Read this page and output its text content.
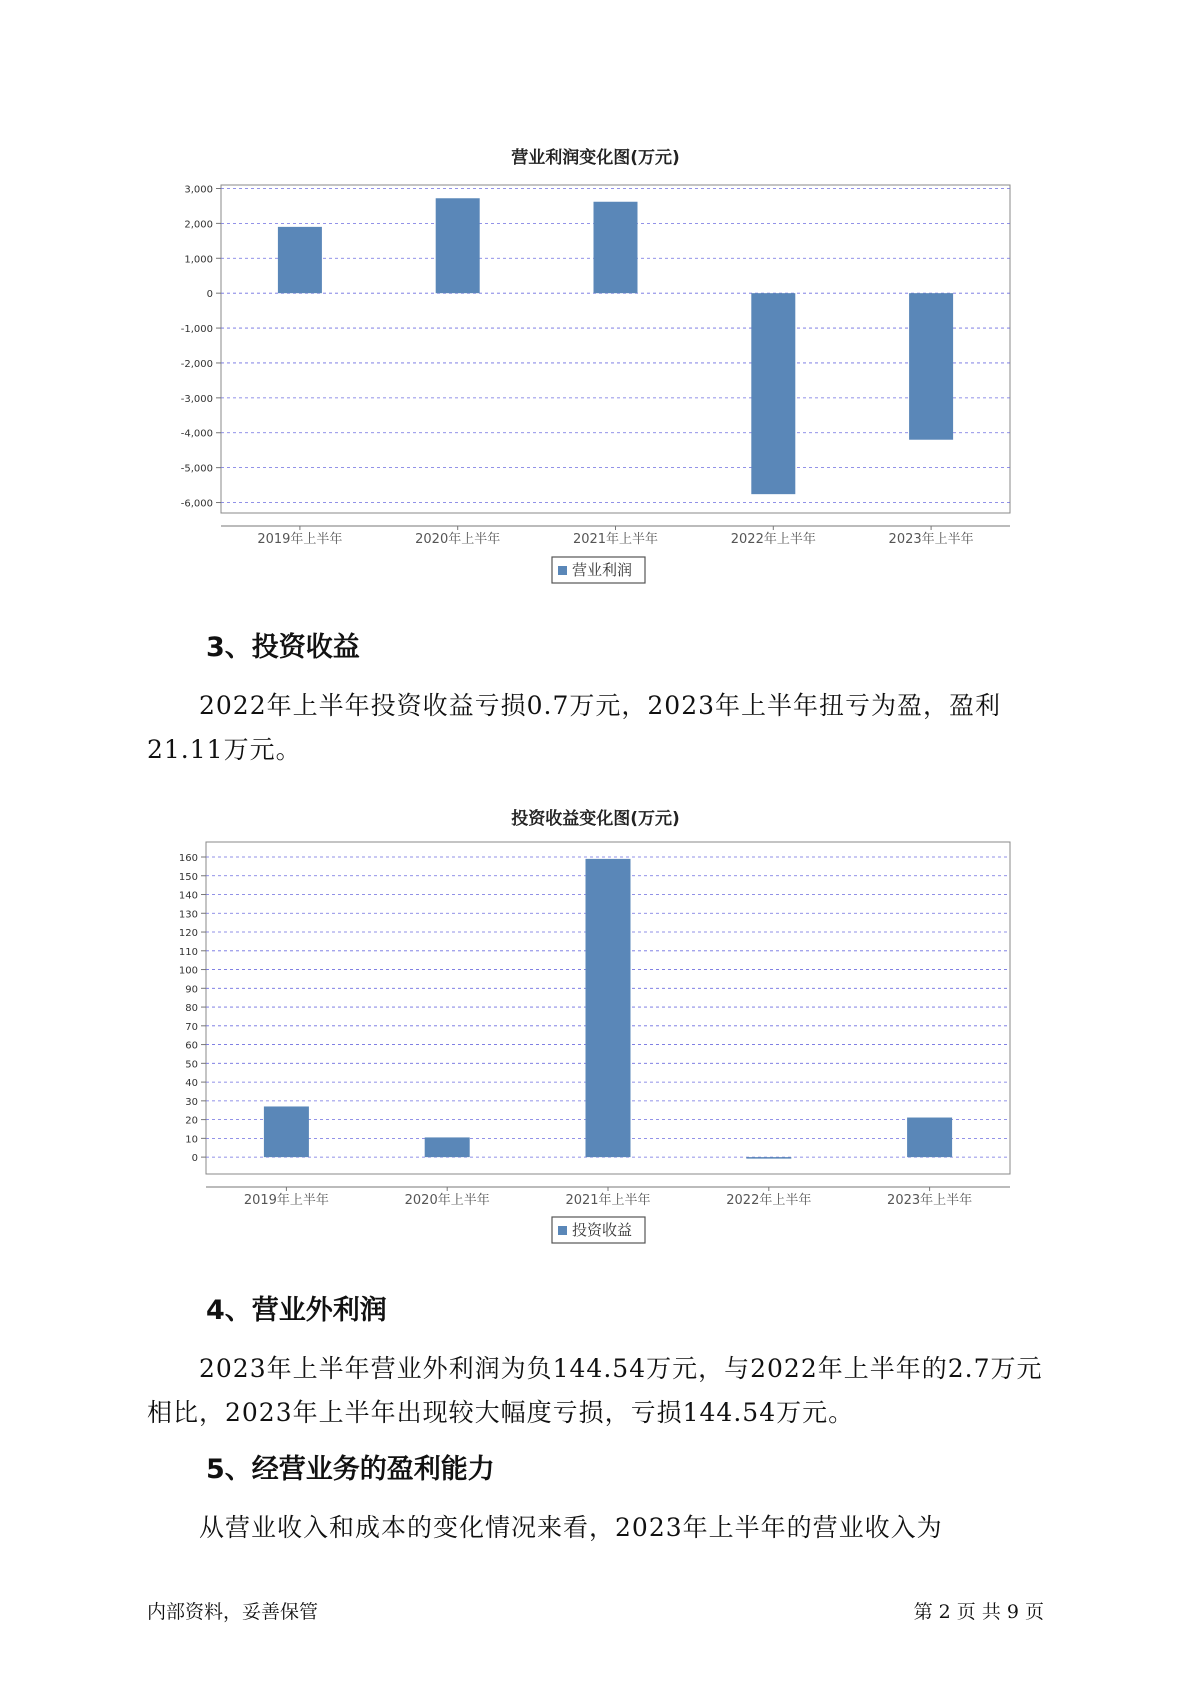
营业利润变化图(万元)
3,000
2,000
1,000
0
-1,000
-2,000
-3,000
-4,000
-5,000
-6,000
2019年上半年	2020年上半年	2021年上半年	2022年上半年	2023年上半年
营业利润
3、投资收益

2022年上半年投资收益亏损0.7万元，2023年上半年扭亏为盈，盈利21.11万元。

投资收益变化图(万元)
160
150
140
130
120
110
100
90
80
70
60
50
40
30
20
10
0
2019年上半年	2020年上半年	2021年上半年	2022年上半年	2023年上半年
投资收益
4、营业外利润

2023年上半年营业外利润为负144.54万元，与2022年上半年的2.7万元相比，2023年上半年出现较大幅度亏损，亏损144.54万元。

5、经营业务的盈利能力

从营业收入和成本的变化情况来看，2023年上半年的营业收入为

内部资料，妥善保管	第 2 页 共 9 页
